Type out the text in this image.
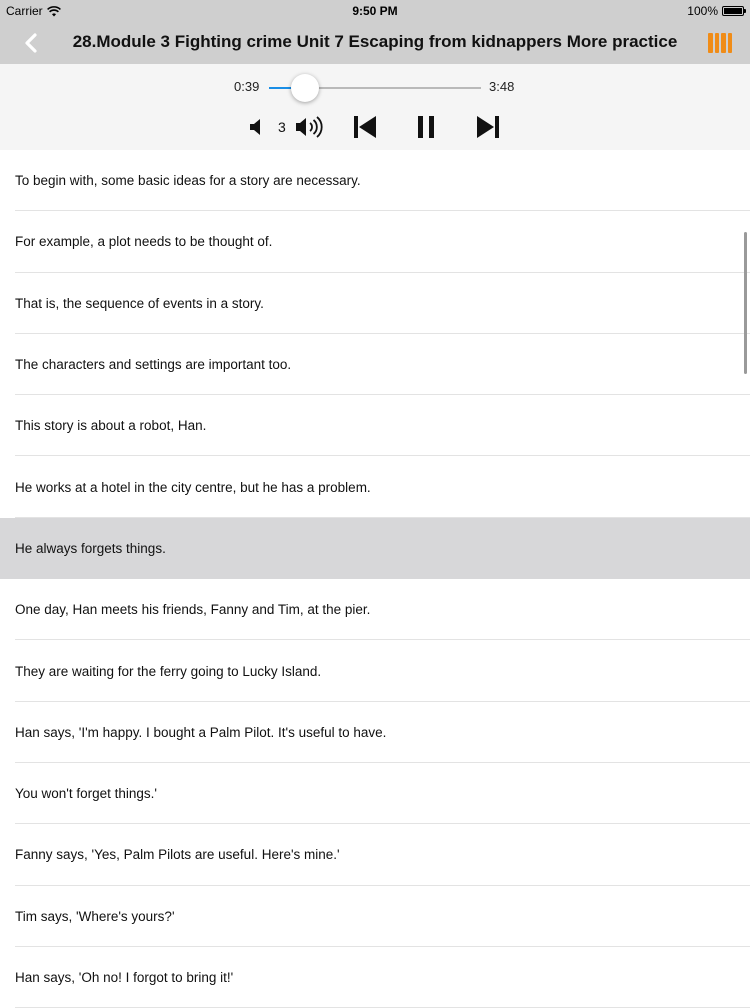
Carrier	9:50 PM	100%
28.Module 3 Fighting crime Unit 7 Escaping from kidnappers More practice
0:39	3:48
3
To begin with, some basic ideas for a story are necessary.
For example, a plot needs to be thought of.
That is, the sequence of events in a story.
The characters and settings are important too.
This story is about a robot, Han.
He works at a hotel in the city centre, but he has a problem.
He always forgets things.
One day, Han meets his friends, Fanny and Tim, at the pier.
They are waiting for the ferry going to Lucky Island.
Han says, 'I'm happy. I bought a Palm Pilot. It's useful to have.
You won't forget things.'
Fanny says, 'Yes, Palm Pilots are useful. Here's mine.'
Tim says, 'Where's yours?'
Han says, 'Oh no! I forgot to bring it!'
